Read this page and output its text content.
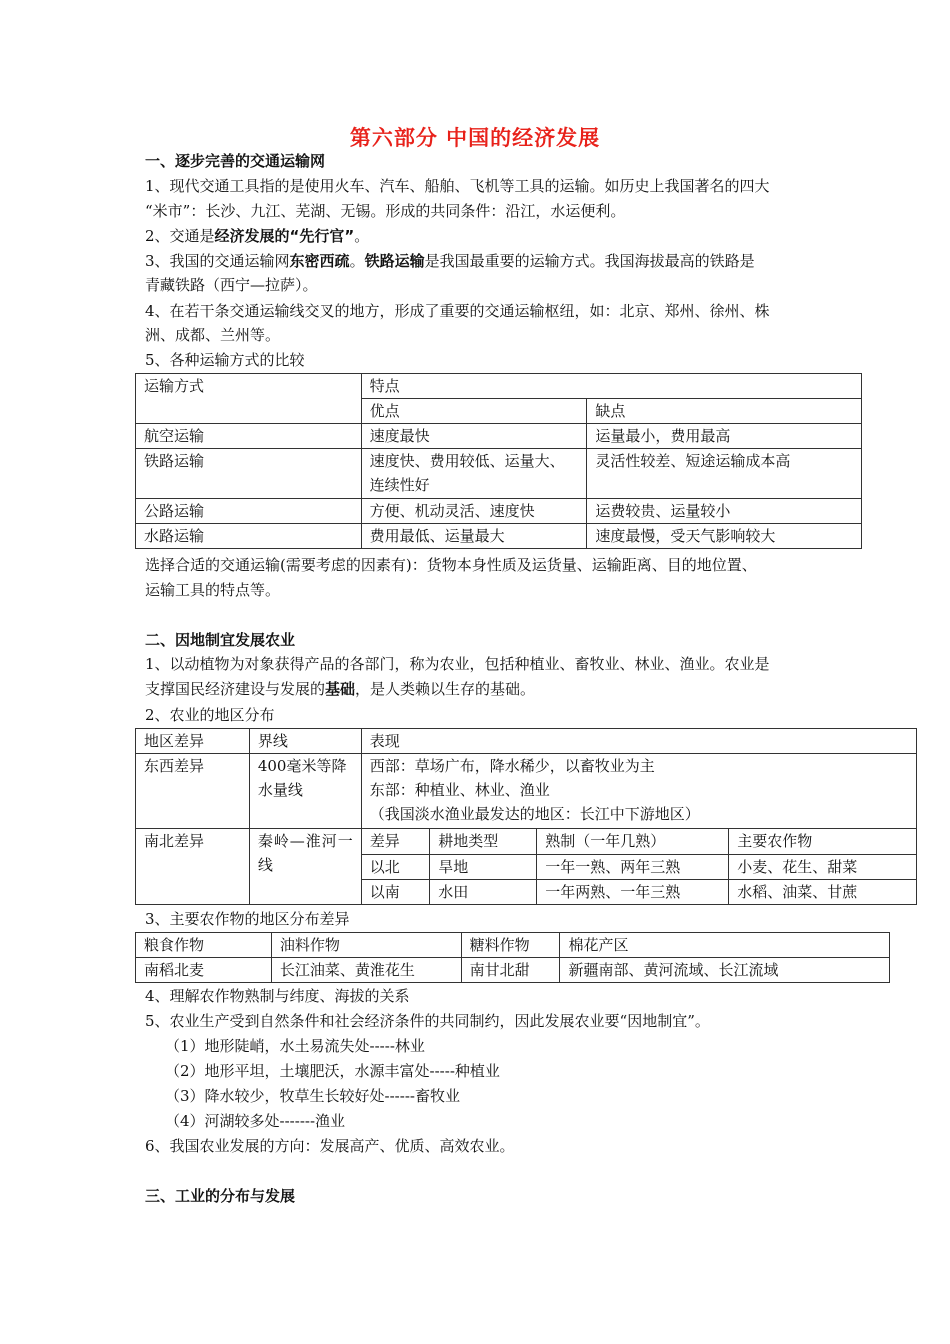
第六部分 中国的经济发展
一、逐步完善的交通运输网
1、现代交通工具指的是使用火车、汽车、船舶、飞机等工具的运输。如历史上我国著名的四大
“米市”：长沙、九江、芜湖、无锡。形成的共同条件：沿江，水运便利。
2、交通是经济发展的“先行官”。
3、我国的交通运输网东密西疏。铁路运输是我国最重要的运输方式。我国海拔最高的铁路是
青藏铁路（西宁—拉萨）。
4、在若干条交通运输线交叉的地方，形成了重要的交通运输枢纽，如：北京、郑州、徐州、株
洲、成都、兰州等。
5、各种运输方式的比较
运输方式	特点	
	优点	缺点
航空运输	速度最快	运量最小，费用最高
铁路运输	速度快、费用较低、运量大、连续性好	灵活性较差、短途运输成本高
公路运输	方便、机动灵活、速度快	运费较贵、运量较小
水路运输	费用最低、运量最大	速度最慢，受天气影响较大
选择合适的交通运输(需要考虑的因素有)：货物本身性质及运货量、运输距离、目的地位置、
运输工具的特点等。
二、因地制宜发展农业
1、以动植物为对象获得产品的各部门，称为农业，包括种植业、畜牧业、林业、渔业。农业是
支撑国民经济建设与发展的基础，是人类赖以生存的基础。
2、农业的地区分布
地区差异	界线	表现
东西差异	400毫米等降水量线	
西部：草场广布，降水稀少，以畜牧业为主
东部：种植业、林业、渔业
（我国淡水渔业最发达的地区：长江中下游地区）

南北差异	秦岭—淮河一线	
差异	耕地类型	熟制（一年几熟）	主要农作物
以北	旱地	一年一熟、两年三熟	小麦、花生、甜菜
以南	水田	一年两熟、一年三熟	水稻、油菜、甘蔗
3、主要农作物的地区分布差异
粮食作物	油料作物	糖料作物	棉花产区
南稻北麦	长江油菜、黄淮花生	南甘北甜	新疆南部、黄河流域、长江流域
4、理解农作物熟制与纬度、海拔的关系
5、农业生产受到自然条件和社会经济条件的共同制约，因此发展农业要“因地制宜”。
（1）地形陡峭，水土易流失处-----林业
（2）地形平坦，土壤肥沃，水源丰富处-----种植业
（3）降水较少，牧草生长较好处------畜牧业
（4）河湖较多处-------渔业
6、我国农业发展的方向：发展高产、优质、高效农业。
三、工业的分布与发展
